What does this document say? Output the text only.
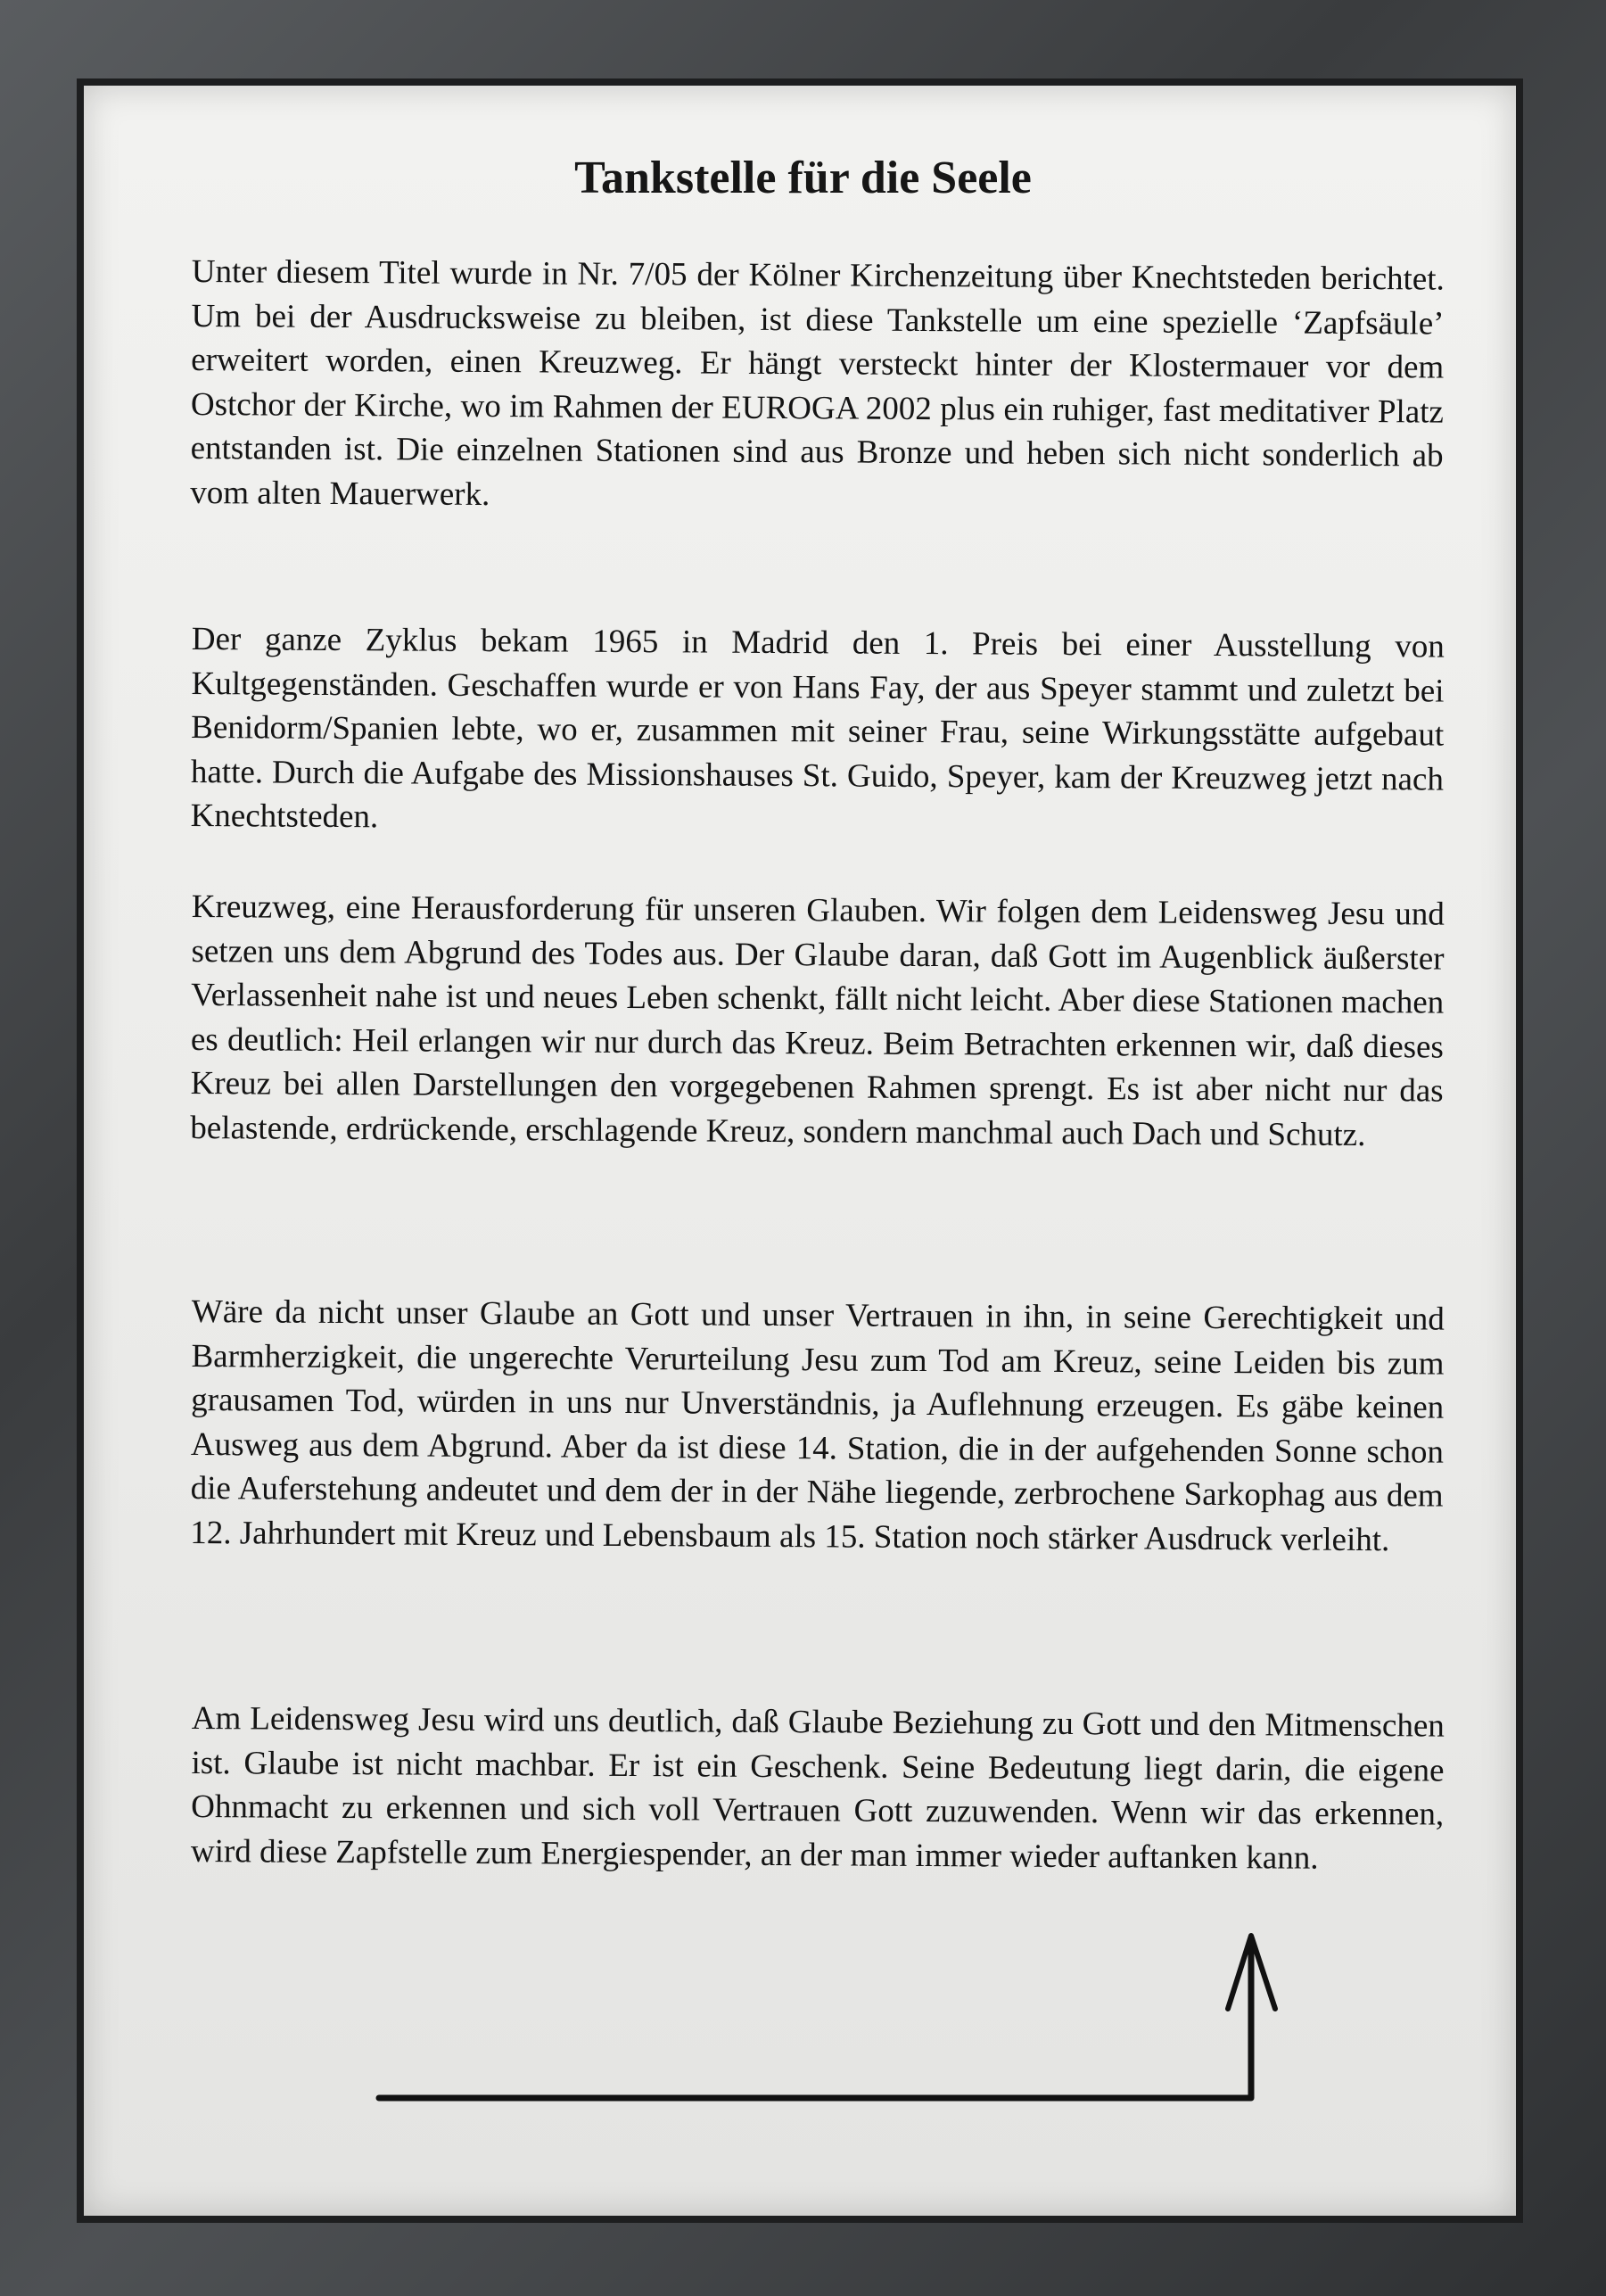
Tankstelle für die Seele

Unter diesem Titel wurde in Nr. 7/05 der Kölner Kirchenzeitung über Knechtsteden berichtet. Um bei der Ausdrucksweise zu bleiben, ist diese Tankstelle um eine spezielle ‘Zapfsäule’ erweitert worden, einen Kreuzweg. Er hängt versteckt hinter der Klostermauer vor dem Ostchor der Kirche, wo im Rahmen der EUROGA 2002 plus ein ruhiger, fast meditativer Platz entstanden ist. Die einzelnen Stationen sind aus Bronze und heben sich nicht sonderlich ab vom alten Mauerwerk.

Der ganze Zyklus bekam 1965 in Madrid den 1. Preis bei einer Ausstellung von Kultgegenständen. Geschaffen wurde er von Hans Fay, der aus Speyer stammt und zuletzt bei Benidorm/Spanien lebte, wo er, zusammen mit seiner Frau, seine Wirkungsstätte aufgebaut hatte. Durch die Aufgabe des Missionshauses St. Guido, Speyer, kam der Kreuzweg jetzt nach Knechtsteden.

Kreuzweg, eine Herausforderung für unseren Glauben. Wir folgen dem Leidensweg Jesu und setzen uns dem Abgrund des Todes aus. Der Glaube daran, daß Gott im Augenblick äußerster Verlassenheit nahe ist und neues Leben schenkt, fällt nicht leicht. Aber diese Stationen machen es deutlich: Heil erlangen wir nur durch das Kreuz. Beim Betrachten erkennen wir, daß dieses Kreuz bei allen Darstellungen den vorgegebenen Rahmen sprengt. Es ist aber nicht nur das belastende, erdrückende, erschlagende Kreuz, sondern manchmal auch Dach und Schutz.

Wäre da nicht unser Glaube an Gott und unser Vertrauen in ihn, in seine Gerechtigkeit und Barmherzigkeit, die ungerechte Verurteilung Jesu zum Tod am Kreuz, seine Leiden bis zum grausamen Tod, würden in uns nur Unverständnis, ja Auflehnung erzeugen. Es gäbe keinen Ausweg aus dem Abgrund. Aber da ist diese 14. Station, die in der aufgehenden Sonne schon die Auferstehung andeutet und dem der in der Nähe liegende, zerbrochene Sarkophag aus dem 12. Jahrhundert mit Kreuz und Lebensbaum als 15. Station noch stärker Ausdruck verleiht.

Am Leidensweg Jesu wird uns deutlich, daß Glaube Beziehung zu Gott und den Mitmenschen ist. Glaube ist nicht machbar. Er ist ein Geschenk. Seine Bedeutung liegt darin, die eigene Ohnmacht zu erkennen und sich voll Vertrauen Gott zuzuwenden. Wenn wir das erkennen, wird diese Zapfstelle zum Energiespender, an der man immer wieder auftanken kann.
